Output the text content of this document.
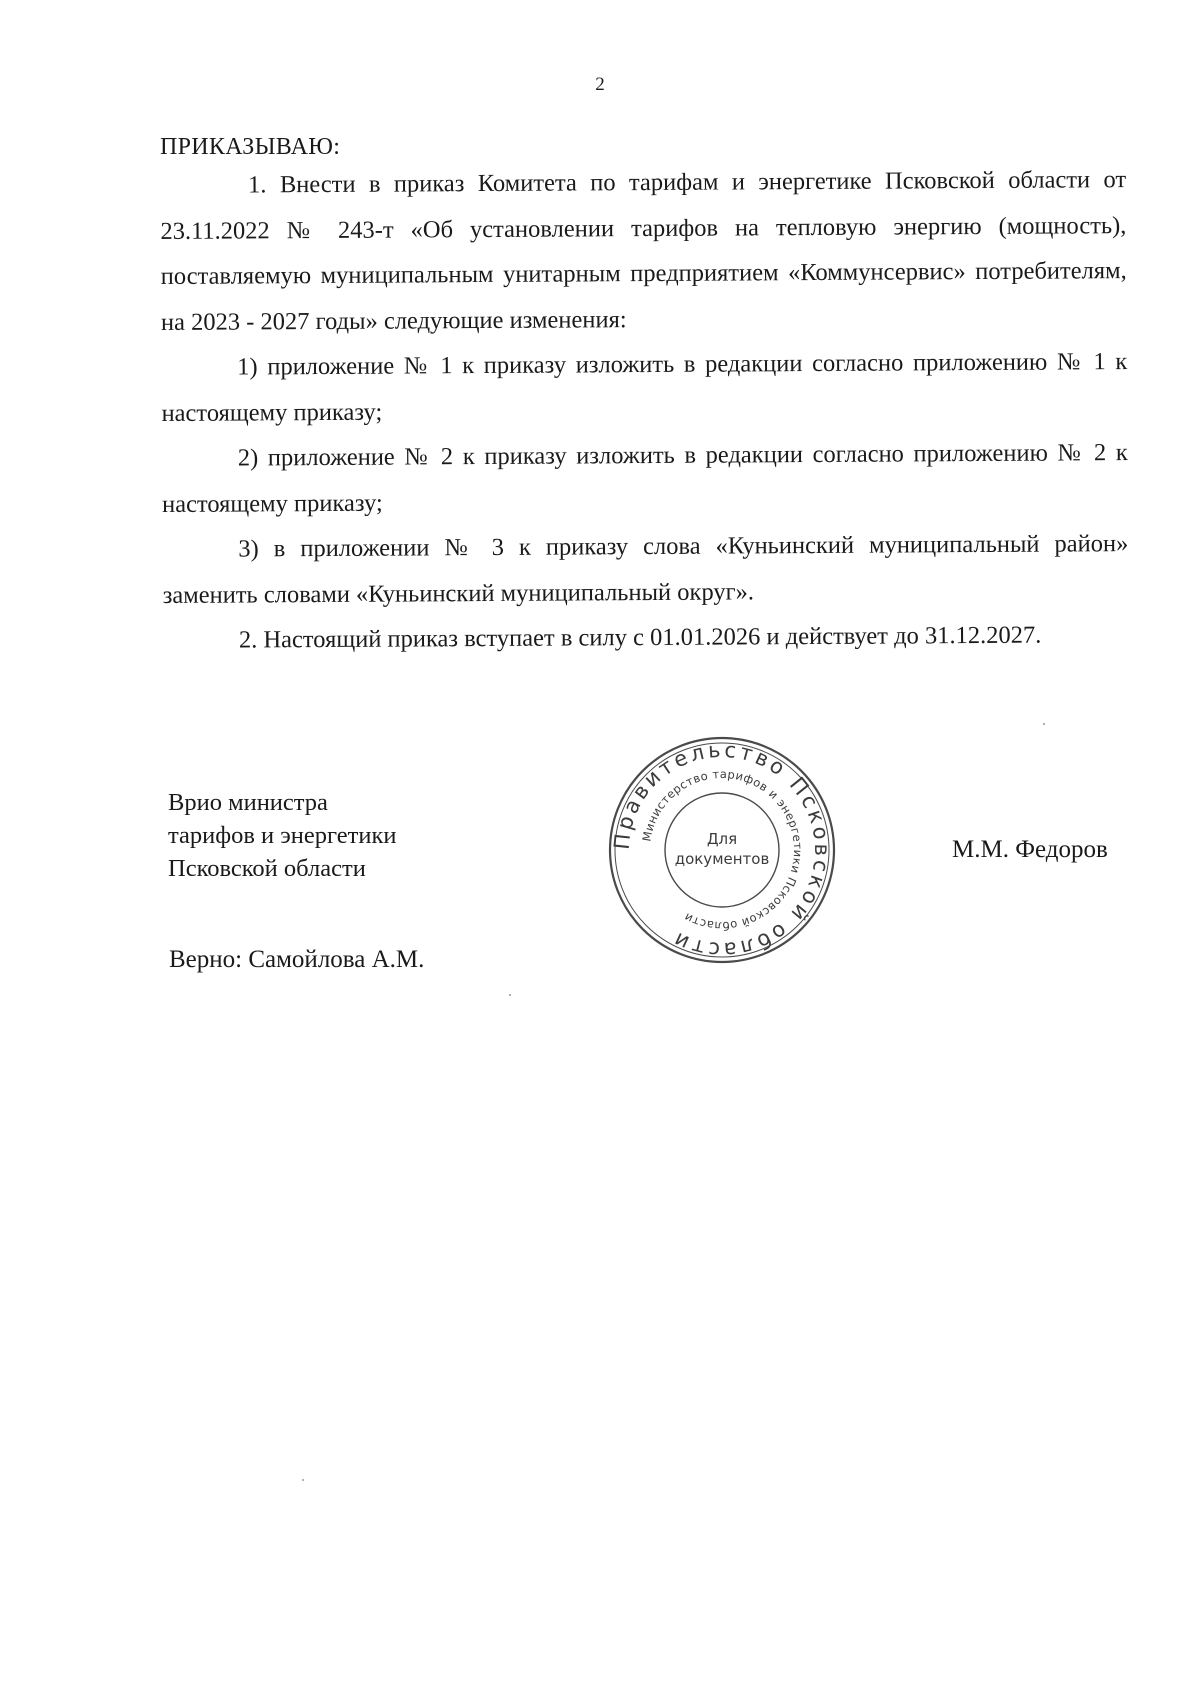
2
ПРИКАЗЫВАЮ:

1. Внести в приказ Комитета по тарифам и энергетике Псковской области от 23.11.2022 № 243-т «Об установлении тарифов на тепловую энергию (мощность), поставляемую муниципальным унитарным предприятием «Коммунсервис» потребителям, на 2023 - 2027 годы» следующие изменения:

1) приложение № 1 к приказу изложить в редакции согласно приложению № 1 к настоящему приказу;

2) приложение № 2 к приказу изложить в редакции согласно приложению № 2 к настоящему приказу;

3) в приложении № 3 к приказу слова «Куньинский муниципальный район» заменить словами «Куньинский муниципальный округ».

2. Настоящий приказ вступает в силу с 01.01.2026 и действует до 31.12.2027.

Врио министра
тарифов и энергетики
Псковской области
Правительство Псковской области
Министерство тарифов и энергетики Псковской области
Для
документов	М.М. Федоров
Верно: Самойлова А.М.
